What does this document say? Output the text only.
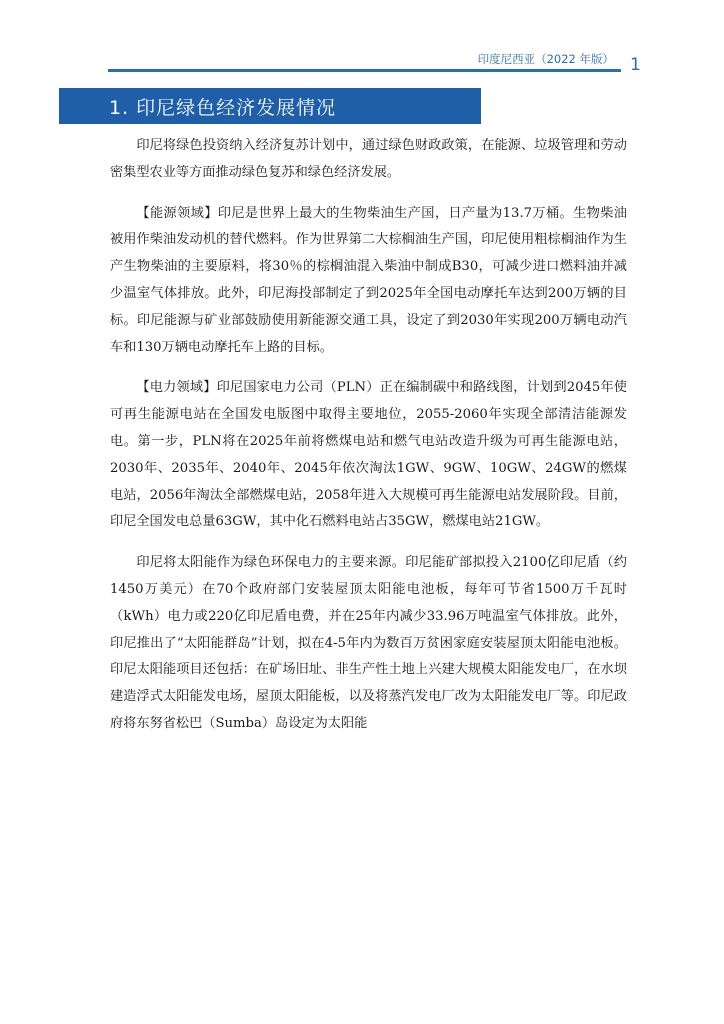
印度尼西亚（2022 年版） 1
1. 印尼绿色经济发展情况

印尼将绿色投资纳入经济复苏计划中，通过绿色财政政策，在能源、垃圾管理和劳动密集型农业等方面推动绿色复苏和绿色经济发展。

【能源领域】印尼是世界上最大的生物柴油生产国，日产量为13.7万桶。生物柴油被用作柴油发动机的替代燃料。作为世界第二大棕榈油生产国，印尼使用粗棕榈油作为生产生物柴油的主要原料，将30％的棕榈油混入柴油中制成B30，可减少进口燃料油并减少温室气体排放。此外，印尼海投部制定了到2025年全国电动摩托车达到200万辆的目标。印尼能源与矿业部鼓励使用新能源交通工具，设定了到2030年实现200万辆电动汽车和130万辆电动摩托车上路的目标。

【电力领域】印尼国家电力公司（PLN）正在编制碳中和路线图，计划到2045年使可再生能源电站在全国发电版图中取得主要地位，2055-2060年实现全部清洁能源发电。第一步，PLN将在2025年前将燃煤电站和燃气电站改造升级为可再生能源电站，2030年、2035年、2040年、2045年依次淘汰1GW、9GW、10GW、24GW的燃煤电站，2056年淘汰全部燃煤电站，2058年进入大规模可再生能源电站发展阶段。目前，印尼全国发电总量63GW，其中化石燃料电站占35GW，燃煤电站21GW。

印尼将太阳能作为绿色环保电力的主要来源。印尼能矿部拟投入2100亿印尼盾（约1450万美元）在70个政府部门安装屋顶太阳能电池板，每年可节省1500万千瓦时（kWh）电力或220亿印尼盾电费，并在25年内减少33.96万吨温室气体排放。此外，印尼推出了“太阳能群岛”计划，拟在4-5年内为数百万贫困家庭安装屋顶太阳能电池板。印尼太阳能项目还包括：在矿场旧址、非生产性土地上兴建大规模太阳能发电厂，在水坝建造浮式太阳能发电场，屋顶太阳能板，以及将蒸汽发电厂改为太阳能发电厂等。印尼政府将东努省松巴（Sumba）岛设定为太阳能
